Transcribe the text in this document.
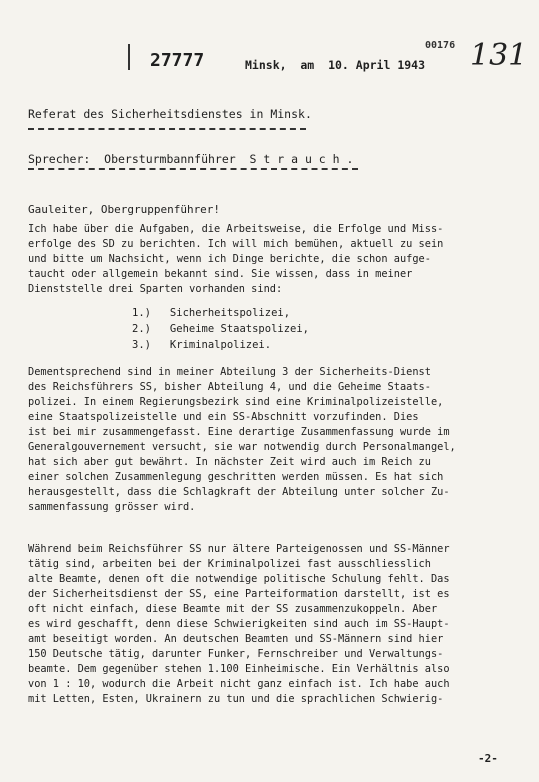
27777	Minsk,  am  10. April 1943
00176 131
Referat des Sicherheitsdienstes in Minsk.
Sprecher:  Obersturmbannführer  S t r a u c h .
Gauleiter, Obergruppenführer!
Ich habe über die Aufgaben, die Arbeitsweise, die Erfolge und Miss-
erfolge des SD zu berichten. Ich will mich bemühen, aktuell zu sein
und bitte um Nachsicht, wenn ich Dinge berichte, die schon aufge-
taucht oder allgemein bekannt sind. Sie wissen, dass in meiner
Dienststelle drei Sparten vorhanden sind:
1.)   Sicherheitspolizei,
2.)   Geheime Staatspolizei,
3.)   Kriminalpolizei.
Dementsprechend sind in meiner Abteilung 3 der Sicherheits-Dienst
des Reichsführers SS, bisher Abteilung 4, und die Geheime Staats-
polizei. In einem Regierungsbezirk sind eine Kriminalpolizeistelle,
eine Staatspolizeistelle und ein SS-Abschnitt vorzufinden. Dies
ist bei mir zusammengefasst. Eine derartige Zusammenfassung wurde im
Generalgouvernement versucht, sie war notwendig durch Personalmangel,
hat sich aber gut bewährt. In nächster Zeit wird auch im Reich zu
einer solchen Zusammenlegung geschritten werden müssen. Es hat sich
herausgestellt, dass die Schlagkraft der Abteilung unter solcher Zu-
sammenfassung grösser wird.
Während beim Reichsführer SS nur ältere Parteigenossen und SS-Männer
tätig sind, arbeiten bei der Kriminalpolizei fast ausschliesslich
alte Beamte, denen oft die notwendige politische Schulung fehlt. Das
der Sicherheitsdienst der SS, eine Parteiformation darstellt, ist es
oft nicht einfach, diese Beamte mit der SS zusammenzukoppeln. Aber
es wird geschafft, denn diese Schwierigkeiten sind auch im SS-Haupt-
amt beseitigt worden. An deutschen Beamten und SS-Männern sind hier
150 Deutsche tätig, darunter Funker, Fernschreiber und Verwaltungs-
beamte. Dem gegenüber stehen 1.100 Einheimische. Ein Verhältnis also
von 1 : 10, wodurch die Arbeit nicht ganz einfach ist. Ich habe auch
mit Letten, Esten, Ukrainern zu tun und die sprachlichen Schwierig-
-2-
